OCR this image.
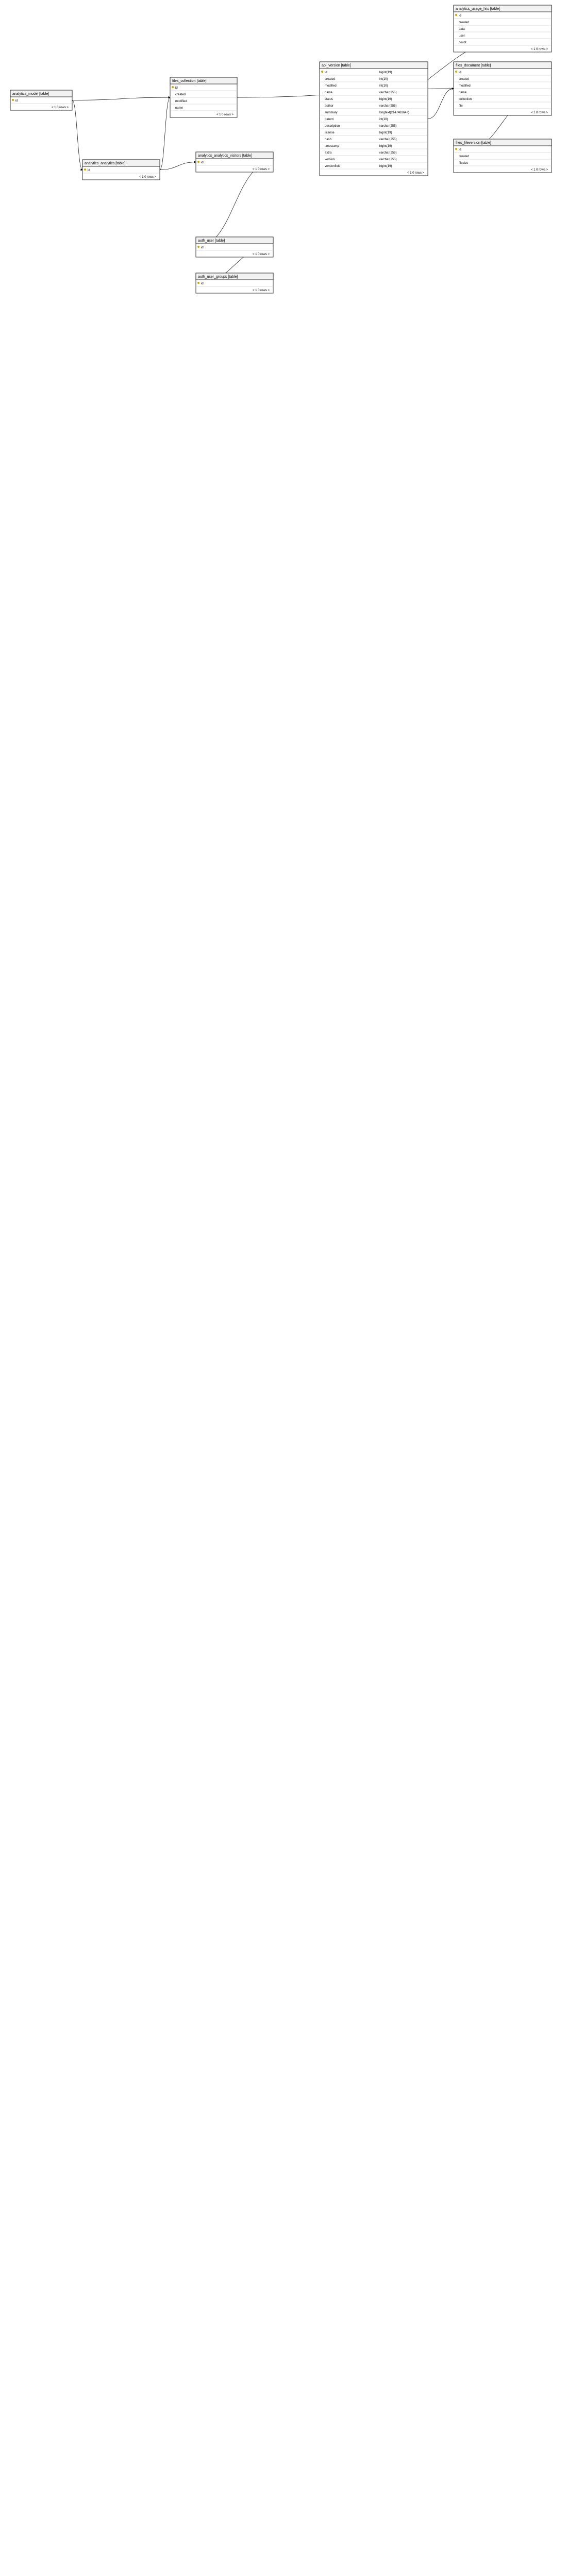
analytics_usage_hits [table]
id
created
data
user
count
< 1 0 rows >
analytics_model [table]
id
< 1 0 rows >
files_collection [table]
id
created
modified
name
< 1 0 rows >
files_document [table]
id
created
modified
name
collection
file
< 1 0 rows >
files_fileversion [table]
id
created
filesize
< 1 0 rows >
api_version [table]
id	bigint(19)
created	int(10)
modified	int(10)
name	varchar(255)
status	bigint(19)
author	varchar(255)
summary	longtext(2147483647)
parent	int(10)
description	varchar(255)
license	bigint(19)
hash	varchar(255)
timestamp	bigint(19)
extra	varchar(255)
version	varchar(255)
versionfield	bigint(19)
< 1 0 rows >
analytics_analytics [table]
id
< 1 0 rows >
analytics_analytics_visitors [table]
id
< 1 0 rows >
auth_user [table]
id
< 1 0 rows >
auth_user_groups [table]
id
< 1 0 rows >
